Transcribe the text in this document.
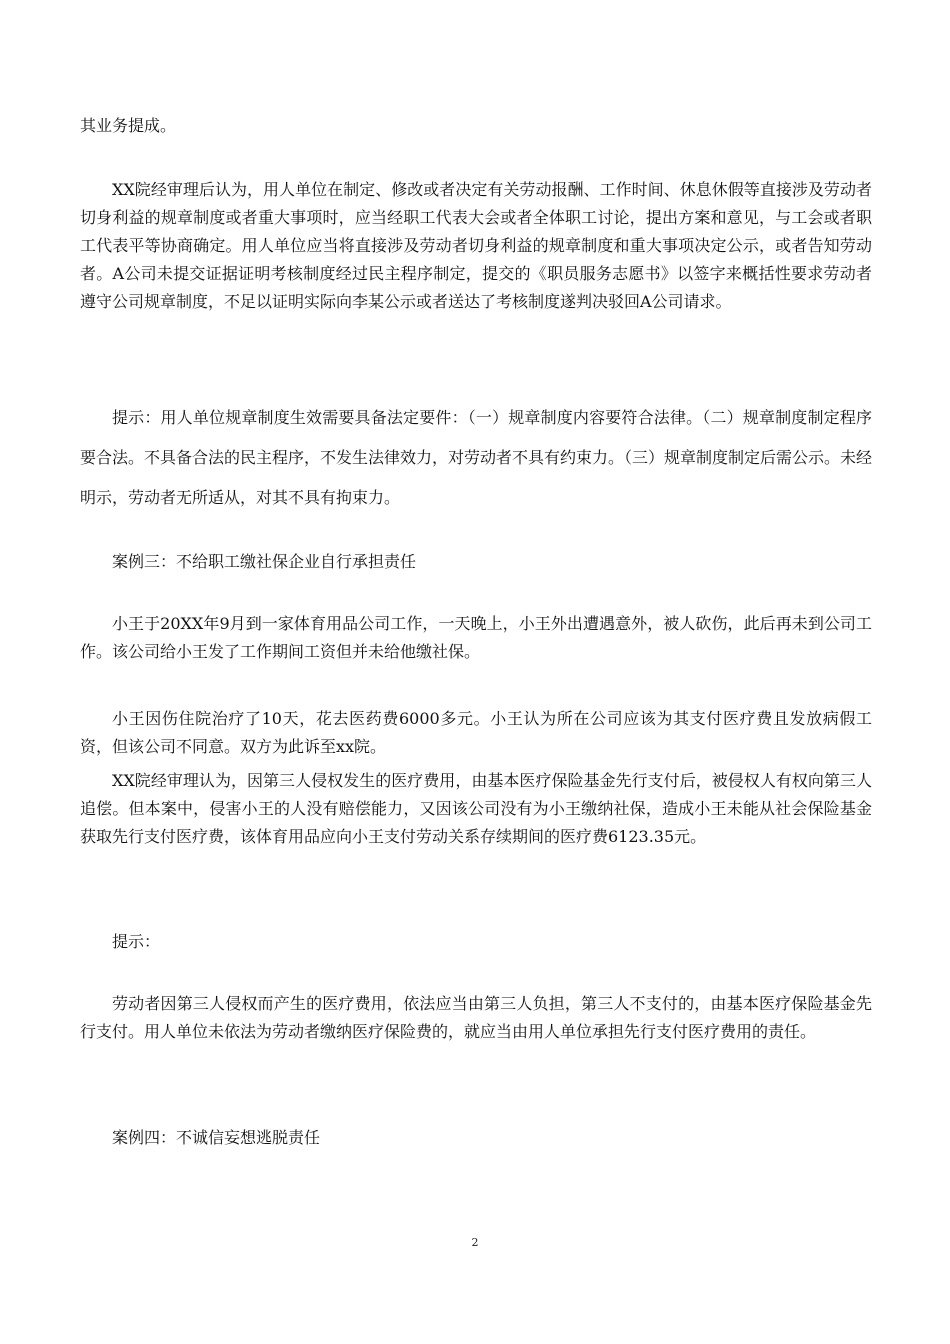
其业务提成。

XX院经审理后认为，用人单位在制定、修改或者决定有关劳动报酬、工作时间、休息休假等直接涉及劳动者切身利益的规章制度或者重大事项时，应当经职工代表大会或者全体职工讨论，提出方案和意见，与工会或者职工代表平等协商确定。用人单位应当将直接涉及劳动者切身利益的规章制度和重大事项决定公示，或者告知劳动者。A公司未提交证据证明考核制度经过民主程序制定，提交的《职员服务志愿书》以签字来概括性要求劳动者遵守公司规章制度，不足以证明实际向李某公示或者送达了考核制度遂判决驳回A公司请求。

提示：用人单位规章制度生效需要具备法定要件：（一）规章制度内容要符合法律。（二）规章制度制定程序要合法。不具备合法的民主程序，不发生法律效力，对劳动者不具有约束力。（三）规章制度制定后需公示。未经明示，劳动者无所适从，对其不具有拘束力。

案例三：不给职工缴社保企业自行承担责任

小王于20XX年9月到一家体育用品公司工作，一天晚上，小王外出遭遇意外，被人砍伤，此后再未到公司工作。该公司给小王发了工作期间工资但并未给他缴社保。

小王因伤住院治疗了10天，花去医药费6000多元。小王认为所在公司应该为其支付医疗费且发放病假工资，但该公司不同意。双方为此诉至xx院。

XX院经审理认为，因第三人侵权发生的医疗费用，由基本医疗保险基金先行支付后，被侵权人有权向第三人追偿。但本案中，侵害小王的人没有赔偿能力，又因该公司没有为小王缴纳社保，造成小王未能从社会保险基金获取先行支付医疗费，该体育用品应向小王支付劳动关系存续期间的医疗费6123.35元。

提示：

劳动者因第三人侵权而产生的医疗费用，依法应当由第三人负担，第三人不支付的，由基本医疗保险基金先行支付。用人单位未依法为劳动者缴纳医疗保险费的，就应当由用人单位承担先行支付医疗费用的责任。

案例四：不诚信妄想逃脱责任

2
